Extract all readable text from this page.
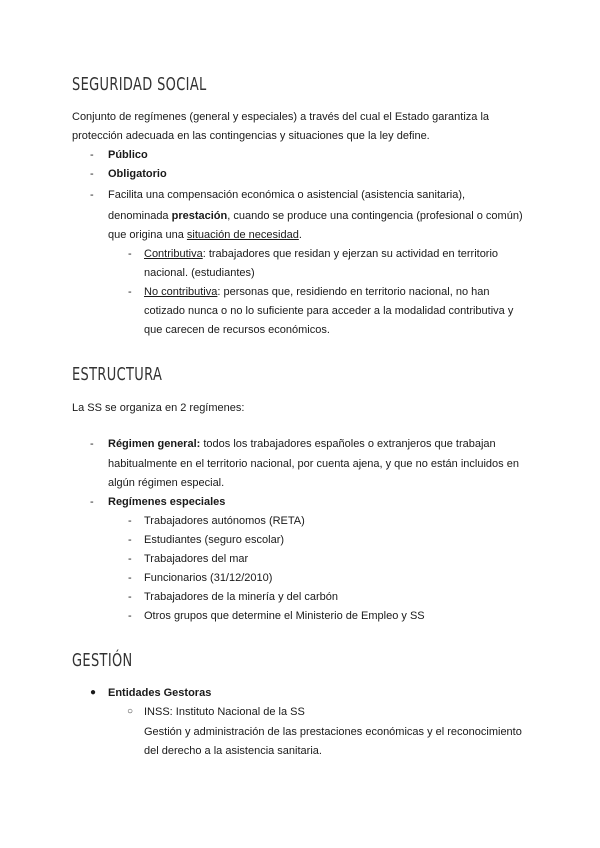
SEGURIDAD SOCIAL

Conjunto de regímenes (general y especiales) a través del cual el Estado garantiza la

protección adecuada en las contingencias y situaciones que la ley define.

- Público

- Obligatorio

- Facilita una compensación económica o asistencial (asistencia sanitaria),

denominada prestación, cuando se produce una contingencia (profesional o común)

que origina una situación de necesidad.

- Contributiva: trabajadores que residan y ejerzan su actividad en territorio

nacional. (estudiantes)

- No contributiva: personas que, residiendo en territorio nacional, no han

cotizado nunca o no lo suficiente para acceder a la modalidad contributiva y

que carecen de recursos económicos.

ESTRUCTURA

La SS se organiza en 2 regímenes:

- Régimen general: todos los trabajadores españoles o extranjeros que trabajan

habitualmente en el territorio nacional, por cuenta ajena, y que no están incluidos en

algún régimen especial.

- Regímenes especiales

- Trabajadores autónomos (RETA)

- Estudiantes (seguro escolar)

- Trabajadores del mar

- Funcionarios (31/12/2010)

- Trabajadores de la minería y del carbón

- Otros grupos que determine el Ministerio de Empleo y SS

GESTIÓN
● Entidades Gestoras

○ INSS: Instituto Nacional de la SS

Gestión y administración de las prestaciones económicas y el reconocimiento

del derecho a la asistencia sanitaria.
